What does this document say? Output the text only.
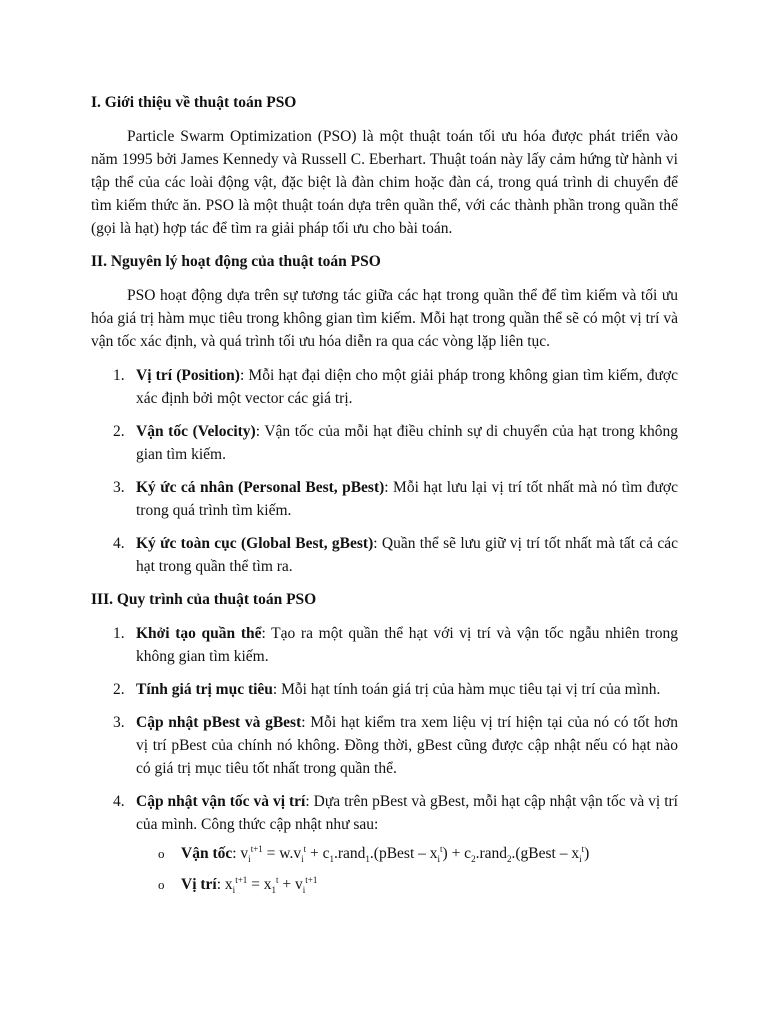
I. Giới thiệu về thuật toán PSO

Particle Swarm Optimization (PSO) là một thuật toán tối ưu hóa được phát triển vào năm 1995 bởi James Kennedy và Russell C. Eberhart. Thuật toán này lấy cảm hứng từ hành vi tập thể của các loài động vật, đặc biệt là đàn chim hoặc đàn cá, trong quá trình di chuyển để tìm kiếm thức ăn. PSO là một thuật toán dựa trên quần thể, với các thành phần trong quần thể (gọi là hạt) hợp tác để tìm ra giải pháp tối ưu cho bài toán.

II. Nguyên lý hoạt động của thuật toán PSO

PSO hoạt động dựa trên sự tương tác giữa các hạt trong quần thể để tìm kiếm và tối ưu hóa giá trị hàm mục tiêu trong không gian tìm kiếm. Mỗi hạt trong quần thể sẽ có một vị trí và vận tốc xác định, và quá trình tối ưu hóa diễn ra qua các vòng lặp liên tục.

1. Vị trí (Position): Mỗi hạt đại diện cho một giải pháp trong không gian tìm kiếm, được xác định bởi một vector các giá trị.
2. Vận tốc (Velocity): Vận tốc của mỗi hạt điều chỉnh sự di chuyển của hạt trong không gian tìm kiếm.
3. Ký ức cá nhân (Personal Best, pBest): Mỗi hạt lưu lại vị trí tốt nhất mà nó tìm được trong quá trình tìm kiếm.
4. Ký ức toàn cục (Global Best, gBest): Quần thể sẽ lưu giữ vị trí tốt nhất mà tất cả các hạt trong quần thể tìm ra.
III. Quy trình của thuật toán PSO
1. Khởi tạo quần thể: Tạo ra một quần thể hạt với vị trí và vận tốc ngẫu nhiên trong không gian tìm kiếm.
2. Tính giá trị mục tiêu: Mỗi hạt tính toán giá trị của hàm mục tiêu tại vị trí của mình.
3. Cập nhật pBest và gBest: Mỗi hạt kiểm tra xem liệu vị trí hiện tại của nó có tốt hơn vị trí pBest của chính nó không. Đồng thời, gBest cũng được cập nhật nếu có hạt nào có giá trị mục tiêu tốt nhất trong quần thể.
4. Cập nhật vận tốc và vị trí: Dựa trên pBest và gBest, mỗi hạt cập nhật vận tốc và vị trí của mình. Công thức cập nhật như sau:
o Vận tốc: $v_i^{t+1} = w.v_i^t$ + $c_1.rand_1.(pBest - x_i^t)$ + $c_2.rand_2.(gBest - x_i^t)$
o Vị trí: $x_i^{t+1} = x_1^t + v_i^{t+1}$
